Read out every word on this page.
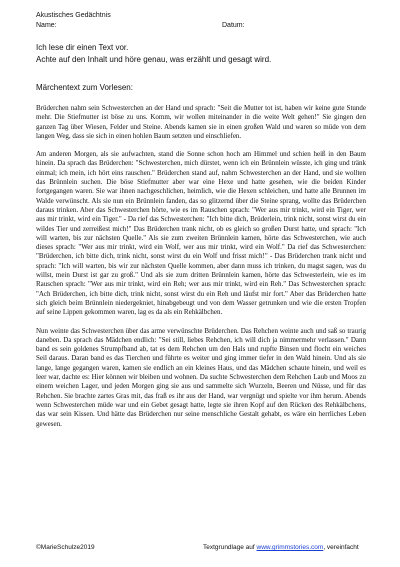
Akustisches Gedächtnis
Name:	Datum:
Ich lese dir einen Text vor.
Achte auf den Inhalt und höre genau, was erzählt und gesagt wird.
Märchentext zum Vorlesen:

Brüderchen nahm sein Schwesterchen an der Hand und sprach: "Seit die Mutter tot ist, haben wir keine gute Stunde mehr. Die Stiefmutter ist böse zu uns. Komm, wir wollen miteinander in die weite Welt gehen!" Sie gingen den ganzen Tag über Wiesen, Felder und Steine. Abends kamen sie in einen großen Wald und waren so müde von dem langen Weg, dass sie sich in einen hohlen Baum setzten und einschliefen.

Am anderen Morgen, als sie aufwachten, stand die Sonne schon hoch am Himmel und schien heiß in den Baum hinein. Da sprach das Brüderchen: "Schwesterchen, mich dürstet, wenn ich ein Brünnlein wüsste, ich ging und tränk einmal; ich mein, ich hört eins rauschen." Brüderchen stand auf, nahm Schwesterchen an der Hand, und sie wollten das Brünnlein suchen. Die böse Stiefmutter aber war eine Hexe und hatte gesehen, wie die beiden Kinder fortgegangen waren. Sie war ihnen nachgeschlichen, heimlich, wie die Hexen schleichen, und hatte alle Brunnen im Walde verwünscht. Als sie nun ein Brünnlein fanden, das so glitzernd über die Steine sprang, wollte das Brüderchen daraus trinken. Aber das Schwesterchen hörte, wie es im Rauschen sprach: "Wer aus mir trinkt, wird ein Tiger, wer aus mir trinkt, wird ein Tiger." - Da rief das Schwesterchen: "Ich bitte dich, Brüderlein, trink nicht, sonst wirst du ein wildes Tier und zerreißest mich!" Das Brüderchen trank nicht, ob es gleich so großen Durst hatte, und sprach: "Ich will warten, bis zur nächsten Quelle." Als sie zum zweiten Brünnlein kamen, hörte das Schwesterchen, wie auch dieses sprach: "Wer aus mir trinkt, wird ein Wolf, wer aus mir trinkt, wird ein Wolf." Da rief das Schwesterchen: "Brüderchen, ich bitte dich, trink nicht, sonst wirst du ein Wolf und frisst mich!" - Das Brüderchen trank nicht und sprach: "Ich will warten, bis wir zur nächsten Quelle kommen, aber dann muss ich trinken, du magst sagen, was du willst, mein Durst ist gar zu groß." Und als sie zum dritten Brünnlein kamen, hörte das Schwesterlein, wie es im Rauschen sprach: "Wer aus mir trinkt, wird ein Reh; wer aus mir trinkt, wird ein Reh." Das Schwesterchen sprach: "Ach Brüderchen, ich bitte dich, trink nicht, sonst wirst du ein Reh und läufst mir fort." Aber das Brüderchen hatte sich gleich beim Brünnlein niedergekniet, hinabgebeugt und von dem Wasser getrunken und wie die ersten Tropfen auf seine Lippen gekommen waren, lag es da als ein Rehkälbchen.

Nun weinte das Schwesterchen über das arme verwünschte Brüderchen. Das Rehchen weinte auch und saß so traurig daneben. Da sprach das Mädchen endlich: "Sei still, liebes Rehchen, ich will dich ja nimmermehr verlassen." Dann band es sein goldenes Strumpfband ab, tat es dem Rehchen um den Hals und rupfte Binsen und flocht ein weiches Seil daraus. Daran band es das Tierchen und führte es weiter und ging immer tiefer in den Wald hinein. Und als sie lange, lange gegangen waren, kamen sie endlich an ein kleines Haus, und das Mädchen schaute hinein, und weil es leer war, dachte es: Hier können wir bleiben und wohnen. Da suchte Schwesterchen dem Rehchen Laub und Moos zu einem weichen Lager, und jeden Morgen ging sie aus und sammelte sich Wurzeln, Beeren und Nüsse, und für das Rehchen. Sie brachte zartes Gras mit, das fraß es ihr aus der Hand, war vergnügt und spielte vor ihm herum. Abends wenn Schwesterchen müde war und ein Gebet gesagt hatte, legte sie ihren Kopf auf den Rücken des Rehkälbchens, das war sein Kissen. Und hätte das Brüderchen nur seine menschliche Gestalt gehabt, es wäre ein herrliches Leben gewesen.

©MarieSchulze2019	Textgrundlage auf www.grimmstories.com, vereinfacht
